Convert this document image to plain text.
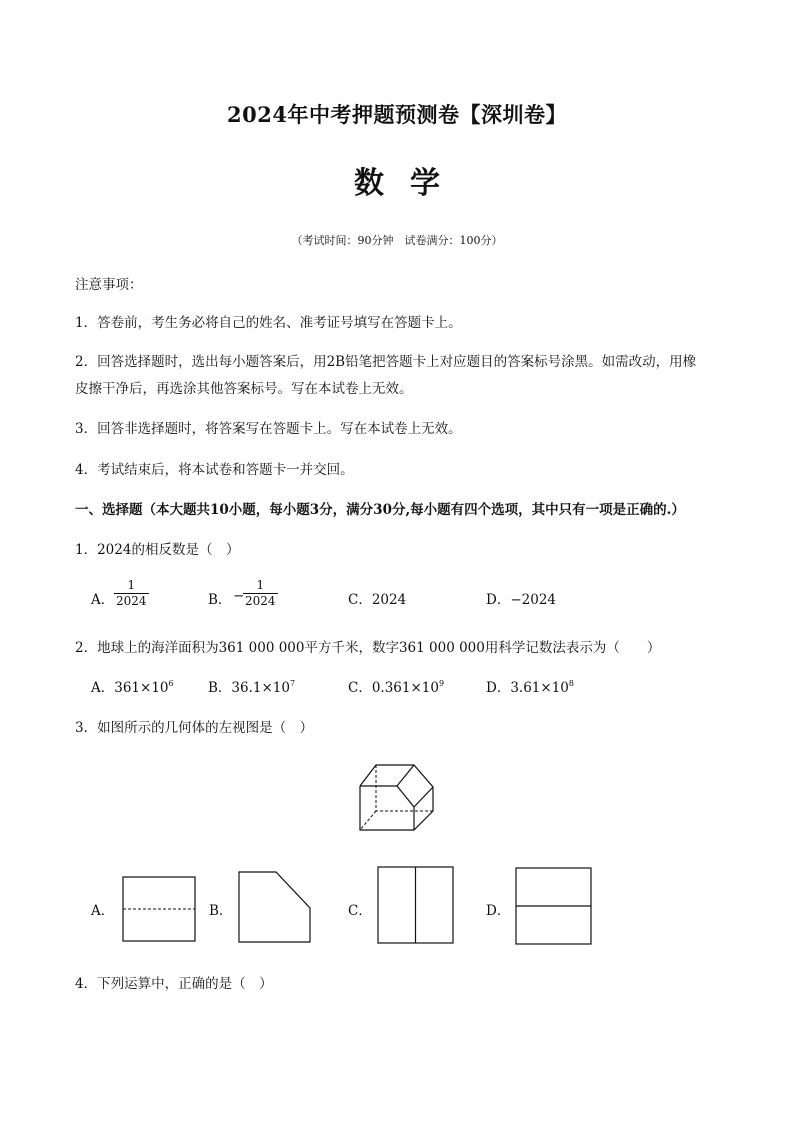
2024年中考押题预测卷【深圳卷】
数学
（考试时间：90分钟　试卷满分：100分）
注意事项：
1．答卷前，考生务必将自己的姓名、准考证号填写在答题卡上。
2．回答选择题时，选出每小题答案后，用2B铅笔把答题卡上对应题目的答案标号涂黑。如需改动，用橡
皮擦干净后，再选涂其他答案标号。写在本试卷上无效。
3．回答非选择题时，将答案写在答题卡上。写在本试卷上无效。
4．考试结束后，将本试卷和答题卡一并交回。
一、选择题（本大题共10小题，每小题3分，满分30分,每小题有四个选项，其中只有一项是正确的.）
1．2024的相反数是（　）
A． $\frac{1}{2024}$	B． −
$\frac{1}{2024}$	C．2024	D．−2024
2．地球上的海洋面积为361 000 000平方千米，数字361 000 000用科学记数法表示为（　　）
A．$361\times 10^6$	B．$36.1\times 10^7$	C．$0.361\times 10^9$	D．$3.61\times 10^8$
3．如图所示的几何体的左视图是（　）
A．	B．	C．	D．
4．下列运算中，正确的是（　）
